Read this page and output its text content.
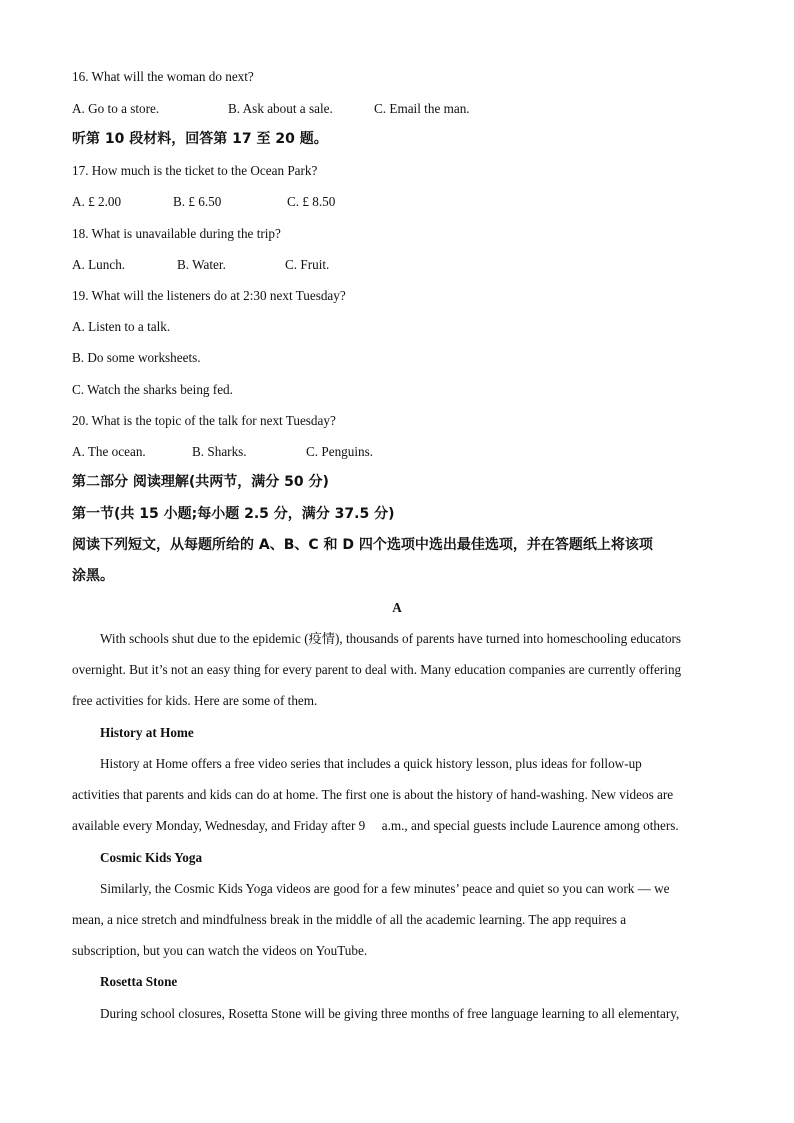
16. What will the woman do next?
A. Go to a store.	B. Ask about a sale.	C. Email the man.
听第 10 段材料，回答第 17 至 20 题。
17. How much is the ticket to the Ocean Park?
A. £ 2.00	B. £ 6.50	C. £ 8.50
18. What is unavailable during the trip?
A. Lunch.	B. Water.	C. Fruit.
19. What will the listeners do at 2:30 next Tuesday?
A. Listen to a talk.
B. Do some worksheets.
C. Watch the sharks being fed.
20. What is the topic of the talk for next Tuesday?
A. The ocean.	B. Sharks.	C. Penguins.
第二部分 阅读理解(共两节，满分 50 分)
第一节(共 15 小题;每小题 2.5 分，满分 37.5 分)
阅读下列短文，从每题所给的 A、B、C 和 D 四个选项中选出最佳选项，并在答题纸上将该项
涂黑。
A
With schools shut due to the epidemic (疫情), thousands of parents have turned into homeschooling educators
overnight. But it’s not an easy thing for every parent to deal with. Many education companies are currently offering
free activities for kids. Here are some of them.
History at Home
History at Home offers a free video series that includes a quick history lesson, plus ideas for follow-up
activities that parents and kids can do at home. The first one is about the history of hand-washing. New videos are
available every Monday, Wednesday, and Friday after 9     a.m., and special guests include Laurence among others.
Cosmic Kids Yoga
Similarly, the Cosmic Kids Yoga videos are good for a few minutes’ peace and quiet so you can work — we
mean, a nice stretch and mindfulness break in the middle of all the academic learning. The app requires a
subscription, but you can watch the videos on YouTube.
Rosetta Stone
During school closures, Rosetta Stone will be giving three months of free language learning to all elementary,
